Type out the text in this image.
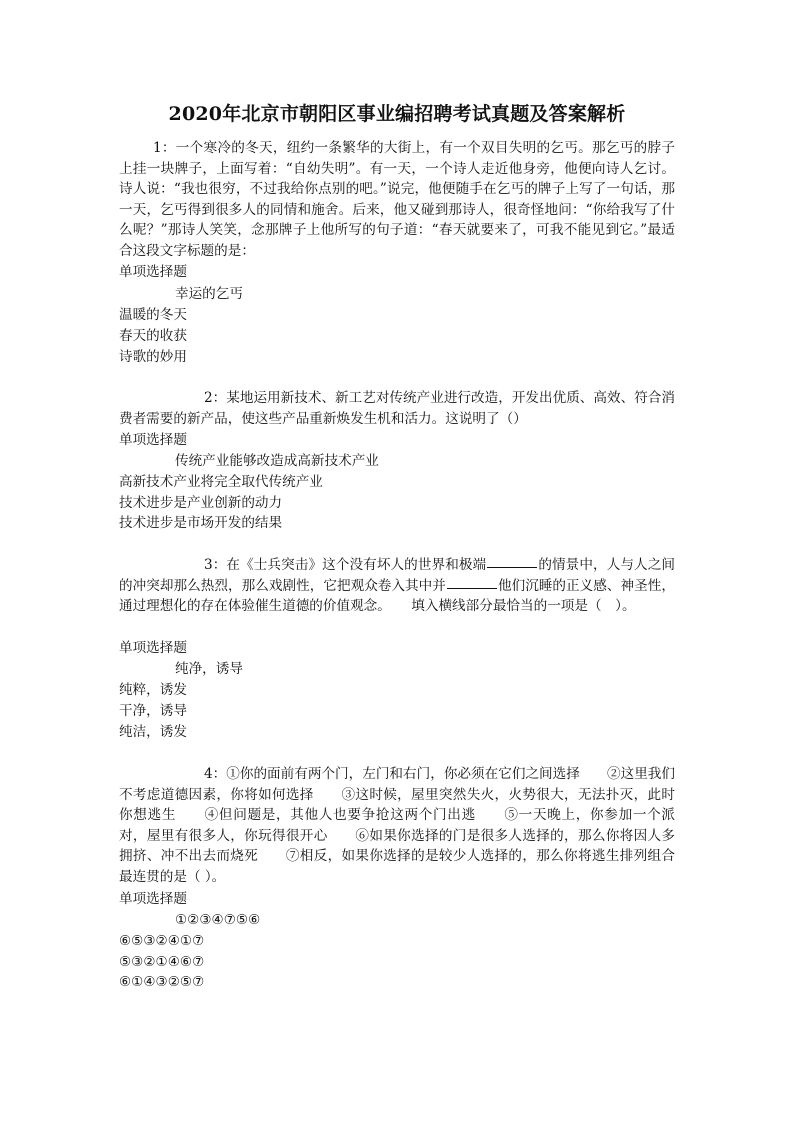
2020年北京市朝阳区事业编招聘考试真题及答案解析

1：一个寒冷的冬天，纽约一条繁华的大街上，有一个双目失明的乞丐。那乞丐的脖子上挂一块牌子，上面写着：“自幼失明”。有一天，一个诗人走近他身旁，他便向诗人乞讨。诗人说：“我也很穷，不过我给你点别的吧。”说完，他便随手在乞丐的牌子上写了一句话，那一天，乞丐得到很多人的同情和施舍。后来，他又碰到那诗人，很奇怪地问：“你给我写了什么呢？”那诗人笑笑，念那牌子上他所写的句子道：“春天就要来了，可我不能见到它。”最适合这段文字标题的是：

单项选择题

幸运的乞丐

温暖的冬天

春天的收获

诗歌的妙用

2：某地运用新技术、新工艺对传统产业进行改造，开发出优质、高效、符合消费者需要的新产品，使这些产品重新焕发生机和活力。这说明了（）

单项选择题

传统产业能够改造成高新技术产业

高新技术产业将完全取代传统产业

技术进步是产业创新的动力

技术进步是市场开发的结果

3：在《士兵突击》这个没有坏人的世界和极端	的情景中，人与人之间的冲突却那么热烈，那么戏剧性，它把观众卷入其中并	他们沉睡的正义感、神圣性，通过理想化的存在体验催生道德的价值观念。　　填入横线部分最恰当的一项是（　）。

单项选择题

纯净，诱导

纯粹，诱发

干净，诱导

纯洁，诱发

4：①你的面前有两个门，左门和右门，你必须在它们之间选择　　②这里我们不考虑道德因素，你将如何选择　　③这时候，屋里突然失火，火势很大，无法扑灭，此时你想逃生　　④但问题是，其他人也要争抢这两个门出逃　　⑤一天晚上，你参加一个派对，屋里有很多人，你玩得很开心　　⑥如果你选择的门是很多人选择的，那么你将因人多拥挤、冲不出去而烧死　　⑦相反，如果你选择的是较少人选择的，那么你将逃生排列组合最连贯的是（ ）。

单项选择题

①②③④⑦⑤⑥

⑥⑤③②④①⑦

⑤③②①④⑥⑦

⑥①④③②⑤⑦
